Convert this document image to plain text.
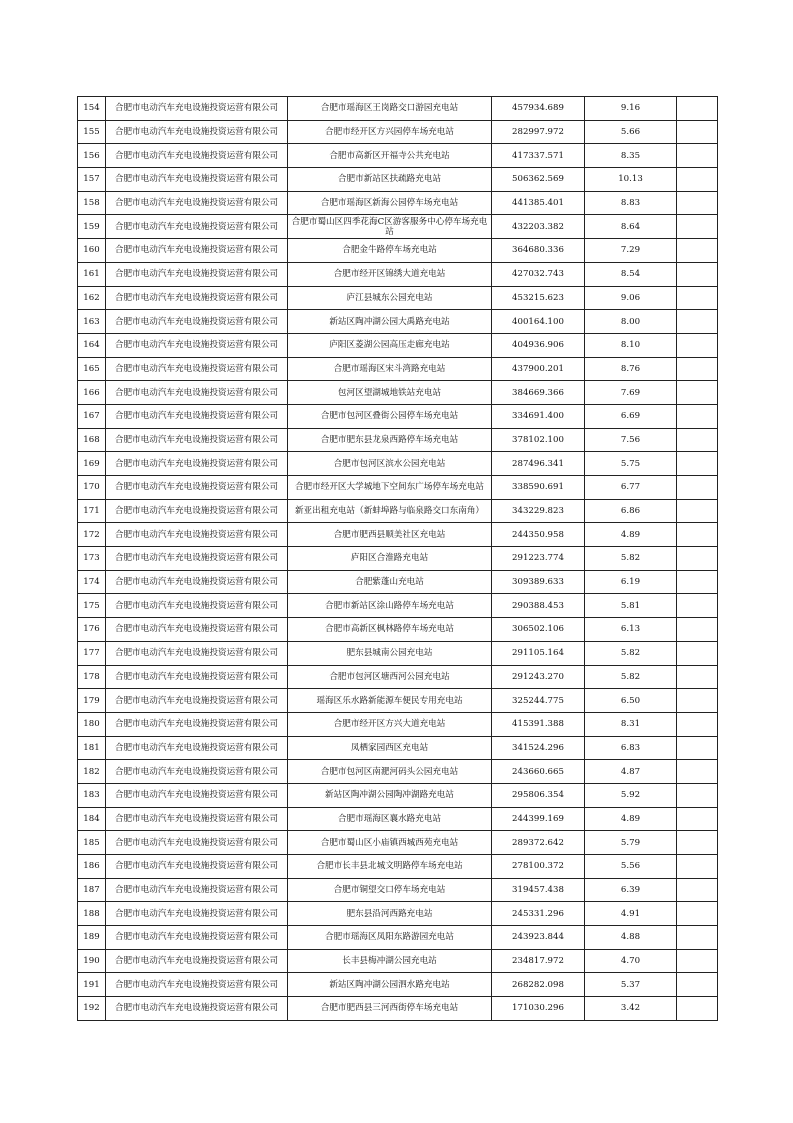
154	合肥市电动汽车充电设施投资运营有限公司	合肥市瑶海区王岗路交口游园充电站	457934.689	9.16	
155	合肥市电动汽车充电设施投资运营有限公司	合肥市经开区方兴园停车场充电站	282997.972	5.66	
156	合肥市电动汽车充电设施投资运营有限公司	合肥市高新区开福寺公共充电站	417337.571	8.35	
157	合肥市电动汽车充电设施投资运营有限公司	合肥市新站区扶疏路充电站	506362.569	10.13	
158	合肥市电动汽车充电设施投资运营有限公司	合肥市瑶海区新海公园停车场充电站	441385.401	8.83	
159	合肥市电动汽车充电设施投资运营有限公司	合肥市蜀山区四季花海C区游客服务中心停车场充电站	432203.382	8.64	
160	合肥市电动汽车充电设施投资运营有限公司	合肥金牛路停车场充电站	364680.336	7.29	
161	合肥市电动汽车充电设施投资运营有限公司	合肥市经开区锦绣大道充电站	427032.743	8.54	
162	合肥市电动汽车充电设施投资运营有限公司	庐江县城东公园充电站	453215.623	9.06	
163	合肥市电动汽车充电设施投资运营有限公司	新站区陶冲湖公园大禹路充电站	400164.100	8.00	
164	合肥市电动汽车充电设施投资运营有限公司	庐阳区菱湖公园高压走廊充电站	404936.906	8.10	
165	合肥市电动汽车充电设施投资运营有限公司	合肥市瑶海区宋斗湾路充电站	437900.201	8.76	
166	合肥市电动汽车充电设施投资运营有限公司	包河区望湖城地铁站充电站	384669.366	7.69	
167	合肥市电动汽车充电设施投资运营有限公司	合肥市包河区叠街公园停车场充电站	334691.400	6.69	
168	合肥市电动汽车充电设施投资运营有限公司	合肥市肥东县龙泉西路停车场充电站	378102.100	7.56	
169	合肥市电动汽车充电设施投资运营有限公司	合肥市包河区滨水公园充电站	287496.341	5.75	
170	合肥市电动汽车充电设施投资运营有限公司	合肥市经开区大学城地下空间东广场停车场充电站	338590.691	6.77	
171	合肥市电动汽车充电设施投资运营有限公司	新亚出租充电站（新蚌埠路与临泉路交口东南角）	343229.823	6.86	
172	合肥市电动汽车充电设施投资运营有限公司	合肥市肥西县顺美社区充电站	244350.958	4.89	
173	合肥市电动汽车充电设施投资运营有限公司	庐阳区合淮路充电站	291223.774	5.82	
174	合肥市电动汽车充电设施投资运营有限公司	合肥紫蓬山充电站	309389.633	6.19	
175	合肥市电动汽车充电设施投资运营有限公司	合肥市新站区涂山路停车场充电站	290388.453	5.81	
176	合肥市电动汽车充电设施投资运营有限公司	合肥市高新区枫林路停车场充电站	306502.106	6.13	
177	合肥市电动汽车充电设施投资运营有限公司	肥东县城南公园充电站	291105.164	5.82	
178	合肥市电动汽车充电设施投资运营有限公司	合肥市包河区塘西河公园充电站	291243.270	5.82	
179	合肥市电动汽车充电设施投资运营有限公司	瑶海区乐水路新能源车便民专用充电站	325244.775	6.50	
180	合肥市电动汽车充电设施投资运营有限公司	合肥市经开区方兴大道充电站	415391.388	8.31	
181	合肥市电动汽车充电设施投资运营有限公司	凤栖家园西区充电站	341524.296	6.83	
182	合肥市电动汽车充电设施投资运营有限公司	合肥市包河区南淝河码头公园充电站	243660.665	4.87	
183	合肥市电动汽车充电设施投资运营有限公司	新站区陶冲湖公园陶冲湖路充电站	295806.354	5.92	
184	合肥市电动汽车充电设施投资运营有限公司	合肥市瑶海区襄水路充电站	244399.169	4.89	
185	合肥市电动汽车充电设施投资运营有限公司	合肥市蜀山区小庙镇西城西苑充电站	289372.642	5.79	
186	合肥市电动汽车充电设施投资运营有限公司	合肥市长丰县北城文明路停车场充电站	278100.372	5.56	
187	合肥市电动汽车充电设施投资运营有限公司	合肥市铜望交口停车场充电站	319457.438	6.39	
188	合肥市电动汽车充电设施投资运营有限公司	肥东县沿河西路充电站	245331.296	4.91	
189	合肥市电动汽车充电设施投资运营有限公司	合肥市瑶海区凤阳东路游园充电站	243923.844	4.88	
190	合肥市电动汽车充电设施投资运营有限公司	长丰县梅冲湖公园充电站	234817.972	4.70	
191	合肥市电动汽车充电设施投资运营有限公司	新站区陶冲湖公园泗水路充电站	268282.098	5.37	
192	合肥市电动汽车充电设施投资运营有限公司	合肥市肥西县三河西街停车场充电站	171030.296	3.42	
